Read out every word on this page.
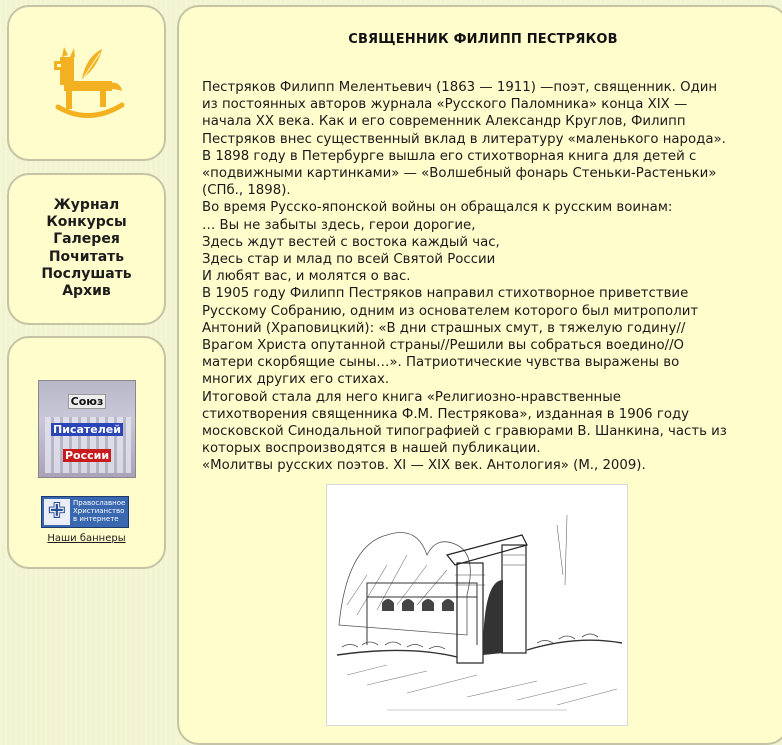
Журнал
Конкурсы
Галерея
Почитать
Послушать
Архив
Союз
Писателей
России
✙ Православное
Христианство
в интернете
Наши баннеры
СВЯЩЕННИК ФИЛИПП ПЕСТРЯКОВ

Пестряков Филипп Мелентьевич (1863 — 1911) —поэт, священник. Один

из постоянных авторов журнала «Русского Паломника» конца XIX —

начала XX века. Как и его современник Александр Круглов, Филипп

Пестряков внес существенный вклад в литературу «маленького народа».

В 1898 году в Петербурге вышла его стихотворная книга для детей с

«подвижными картинками» — «Волшебный фонарь Стеньки-Растеньки»

(СПб., 1898).

Во время Русско-японской войны он обращался к русским воинам:

… Вы не забыты здесь, герои дорогие,

Здесь ждут вестей с востока каждый час,

Здесь стар и млад по всей Святой России

И любят вас, и молятся о вас.

В 1905 году Филипп Пестряков направил стихотворное приветствие

Русскому Собранию, одним из основателем которого был митрополит

Антоний (Храповицкий): «В дни страшных смут, в тяжелую годину//

Врагом Христа опутанной страны//Решили вы собраться воедино//О

матери скорбящие сыны…». Патриотические чувства выражены во

многих других его стихах.

Итоговой стала для него книга «Религиозно-нравственные

стихотворения священника Ф.М. Пестрякова», изданная в 1906 году

московской Синодальной типографией с гравюрами В. Шанкина, часть из

которых воспроизводятся в нашей публикации.

«Молитвы русских поэтов. XI — XIX век. Антология» (М., 2009).
